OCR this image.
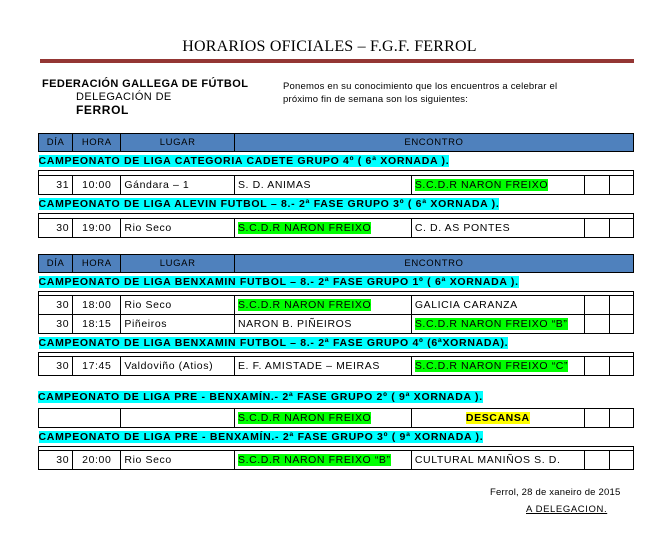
HORARIOS OFICIALES – F.G.F. FERROL
FEDERACIÓN GALLEGA DE FÚTBOL
DELEGACIÓN DE
FERROL
Ponemos en su conocimiento que los encuentros a celebrar el próximo fin de semana son los siguientes:
DÍA	HORA	LUGAR	ENCONTRO			
CAMPEONATO DE LIGA CATEGORIA CADETE GRUPO 4º ( 6ª XORNADA ).						

31	10:00	Gándara – 1	S. D. ANIMAS	S.C.D.R NARON FREIXO		
CAMPEONATO DE LIGA ALEVIN FUTBOL – 8.- 2ª FASE GRUPO 3º ( 6ª XORNADA ).						

30	19:00	Rio Seco	S.C.D.R NARON FREIXO	C. D. AS PONTES		
DÍA	HORA	LUGAR	ENCONTRO			
CAMPEONATO DE LIGA BENXAMIN FUTBOL – 8.- 2ª FASE GRUPO 1º ( 6ª XORNADA ).						

30	18:00	Rio Seco	S.C.D.R NARON FREIXO	GALICIA CARANZA		
30	18:15	Piñeiros	NARON B. PIÑEIROS	S.C.D.R NARON FREIXO “B”		
CAMPEONATO DE LIGA BENXAMIN FUTBOL – 8.- 2ª FASE GRUPO 4º (6ªXORNADA).						

30	17:45	Valdoviño (Atios)	E. F. AMISTADE – MEIRAS	S.C.D.R NARON FREIXO “C”		
CAMPEONATO DE LIGA PRE - BENXAMÍN.- 2ª FASE GRUPO 2º ( 9ª XORNADA ).
			S.C.D.R NARON FREIXO	DESCANSA		
CAMPEONATO DE LIGA PRE - BENXAMÍN.- 2ª FASE GRUPO 3º ( 9ª XORNADA ).						

30	20:00	Rio Seco	S.C.D.R NARON FREIXO “B”	CULTURAL MANIÑOS S. D.		
Ferrol, 28 de xaneiro de 2015
A DELEGACION.
